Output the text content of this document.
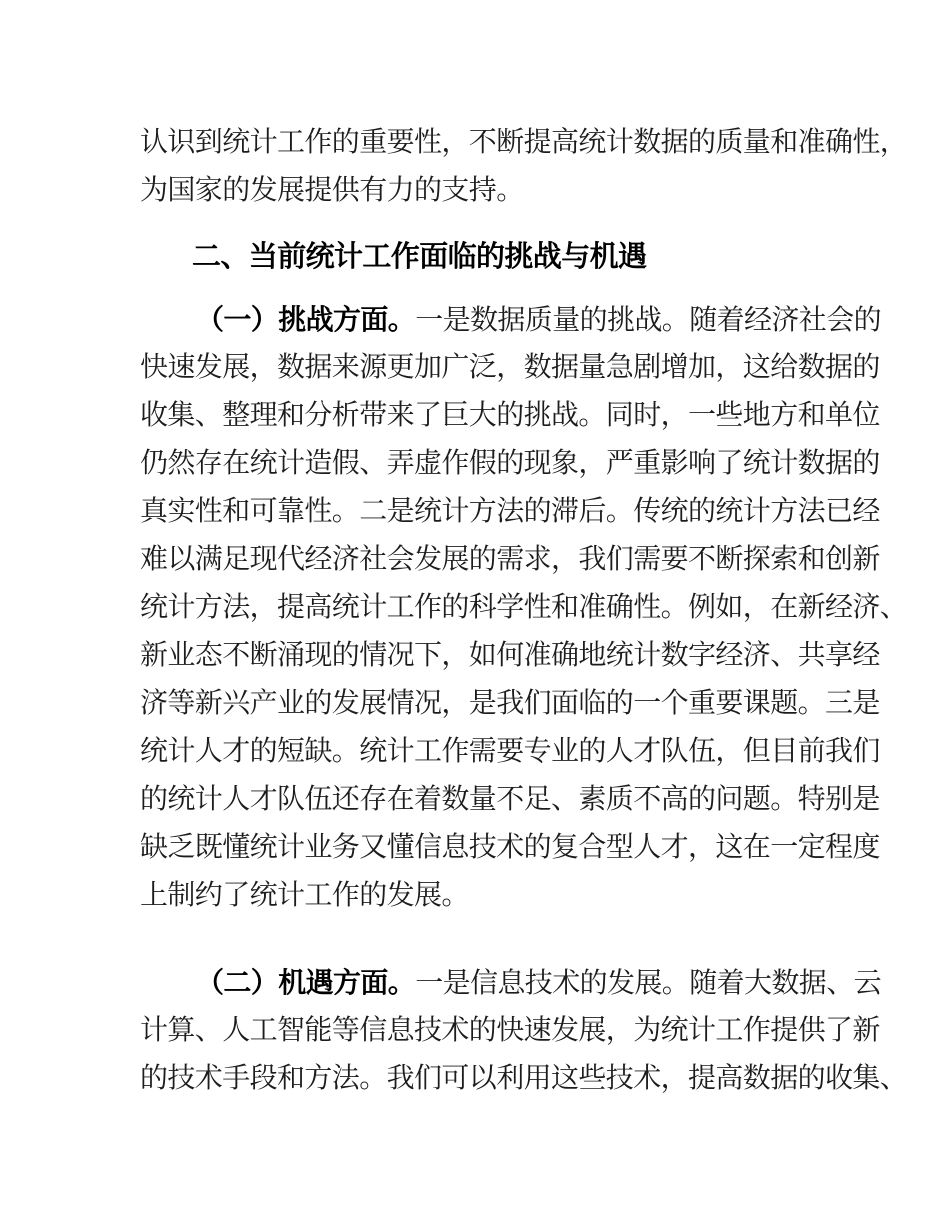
认识到统计工作的重要性，不断提高统计数据的质量和准确性，
为国家的发展提供有力的支持。
二、当前统计工作面临的挑战与机遇
（一）挑战方面。一是数据质量的挑战。随着经济社会的
快速发展，数据来源更加广泛，数据量急剧增加，这给数据的
收集、整理和分析带来了巨大的挑战。同时，一些地方和单位
仍然存在统计造假、弄虚作假的现象，严重影响了统计数据的
真实性和可靠性。二是统计方法的滞后。传统的统计方法已经
难以满足现代经济社会发展的需求，我们需要不断探索和创新
统计方法，提高统计工作的科学性和准确性。例如，在新经济、
新业态不断涌现的情况下，如何准确地统计数字经济、共享经
济等新兴产业的发展情况，是我们面临的一个重要课题。三是
统计人才的短缺。统计工作需要专业的人才队伍，但目前我们
的统计人才队伍还存在着数量不足、素质不高的问题。特别是
缺乏既懂统计业务又懂信息技术的复合型人才，这在一定程度
上制约了统计工作的发展。
（二）机遇方面。一是信息技术的发展。随着大数据、云
计算、人工智能等信息技术的快速发展，为统计工作提供了新
的技术手段和方法。我们可以利用这些技术，提高数据的收集、
